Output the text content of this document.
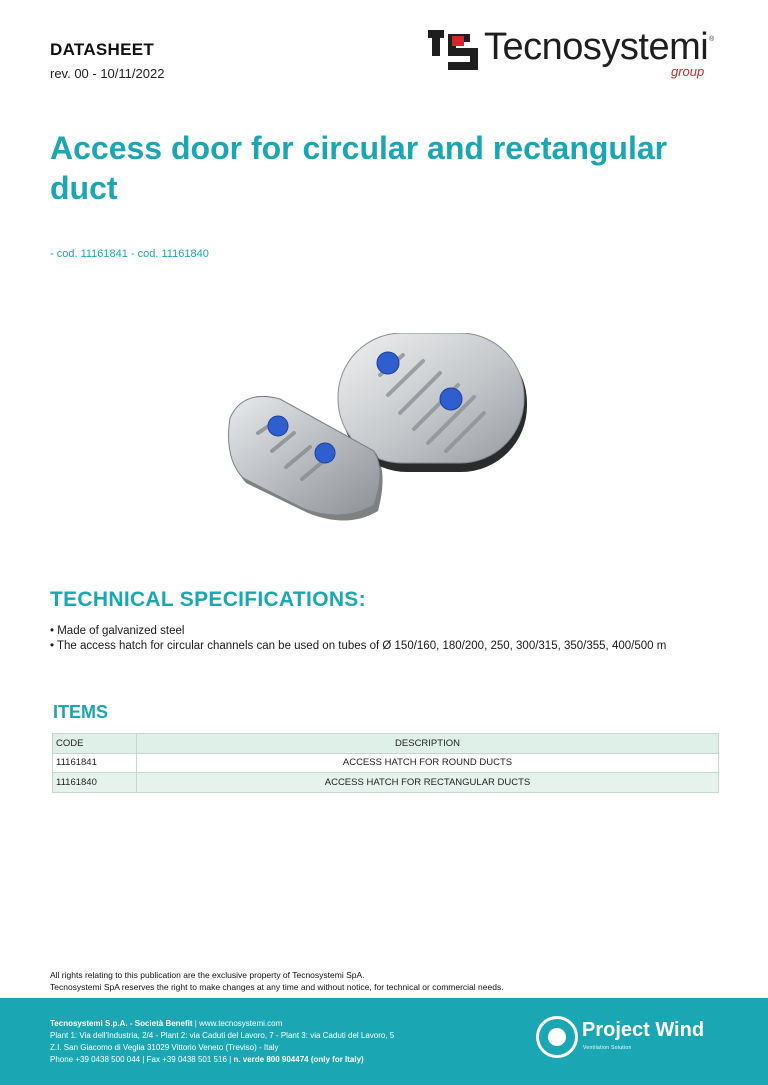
DATASHEET
rev. 00 - 10/11/2022
Tecnosystemi ®
group
Access door for circular and rectangular duct
- cod. 11161841 - cod. 11161840
TECHNICAL SPECIFICATIONS:

• Made of galvanized steel

• The access hatch for circular channels can be used on tubes of Ø 150/160, 180/200, 250, 300/315, 350/355, 400/500 m

ITEMS
CODE	DESCRIPTION
11161841	ACCESS HATCH FOR ROUND DUCTS
11161840	ACCESS HATCH FOR RECTANGULAR DUCTS
All rights relating to this publication are the exclusive property of Tecnosystemi SpA.
Tecnosystemi SpA reserves the right to make changes at any time and without notice, for technical or commercial needs.
Tecnosystemi S.p.A. - Società Benefit | www.tecnosystemi.com
Plant 1: Via dell'Industria, 2/4 - Plant 2: via Caduti del Lavoro, 7 - Plant 3: via Caduti del Lavoro, 5
Z.I. San Giacomo di Veglia 31029 Vittorio Veneto (Treviso) - Italy
Phone +39 0438 500 044 | Fax +39 0438 501 516 | n. verde 800 904474 (only for Italy)
Project Wind
Ventilation Solution
